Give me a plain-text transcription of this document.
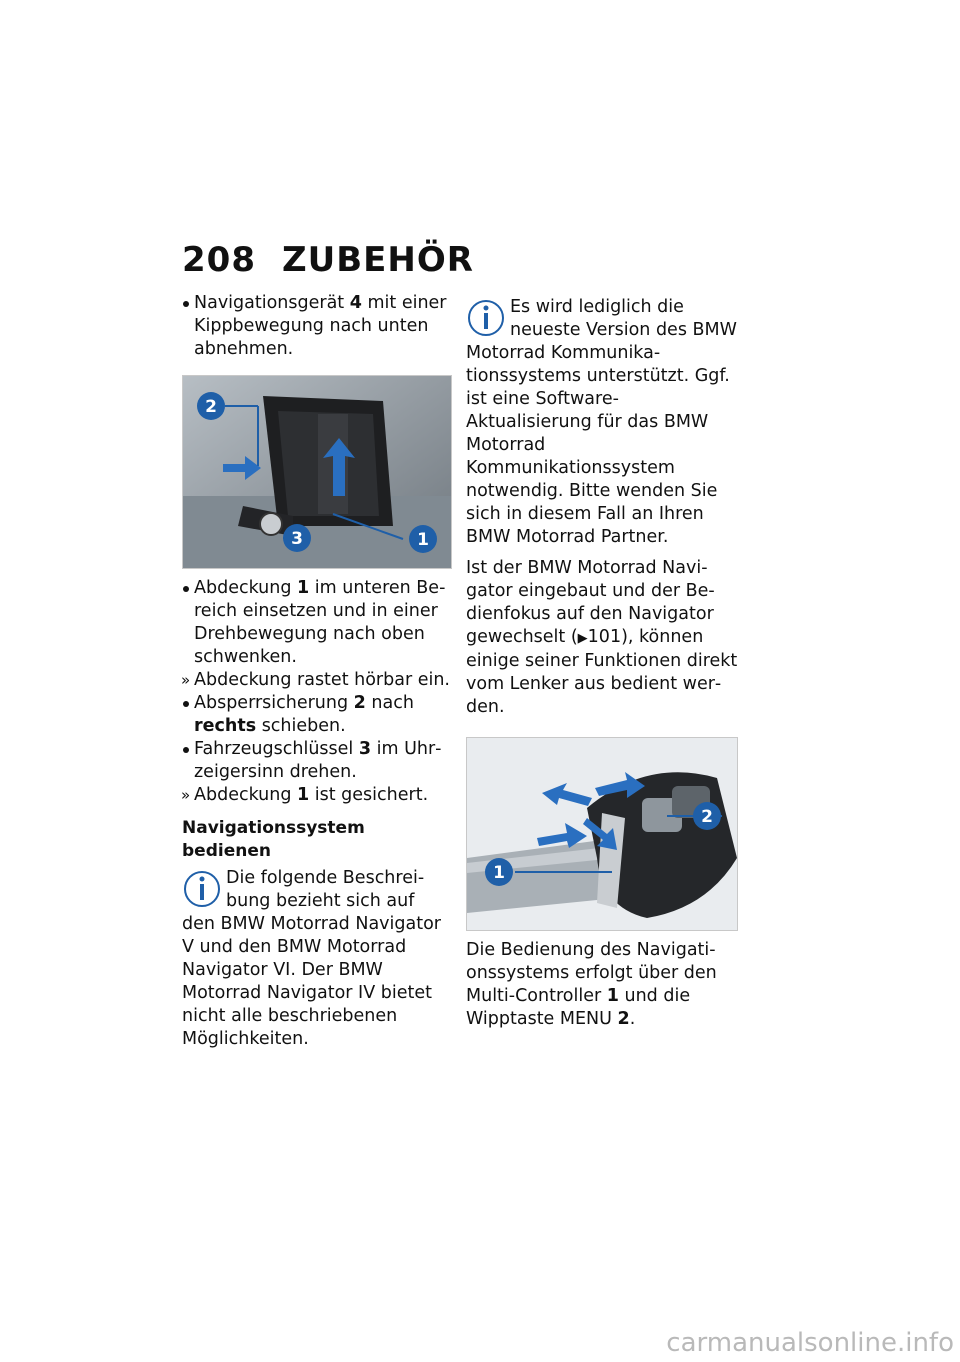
208 ZUBEHÖR

Navigationsgerät 4 mit einer Kippbewegung nach unten abnehmen.

2
3	1

Abdeckung 1 im unteren Bereich einsetzen und in einer Drehbewegung nach oben schwenken.

» Abdeckung rastet hörbar ein.

Absperrsicherung 2 nach rechts schieben.

Fahrzeugschlüssel 3 im Uhrzeigersinn drehen.

» Abdeckung 1 ist gesichert.

Navigationssystem bedienen
Die folgende Beschreibung bezieht sich auf den BMW Motorrad Navigator V und den BMW Motorrad Navigator VI. Der BMW Motorrad Navigator IV bietet nicht alle beschriebenen Möglichkeiten.
Es wird lediglich die neueste Version des BMW Motorrad Kommunikationssystems unterstützt. Ggf. ist eine Software-Aktualisierung für das BMW Motorrad Kommunikationssystem notwendig. Bitte wenden Sie sich in diesem Fall an Ihren BMW Motorrad Partner.

Ist der BMW Motorrad Navigator eingebaut und der Bedienfokus auf den Navigator gewechselt (▶101), können einige seiner Funktionen direkt vom Lenker aus bedient werden.

1
2

Die Bedienung des Navigationssystems erfolgt über den Multi-Controller 1 und die Wipptaste MENU 2.

carmanualsonline.info
